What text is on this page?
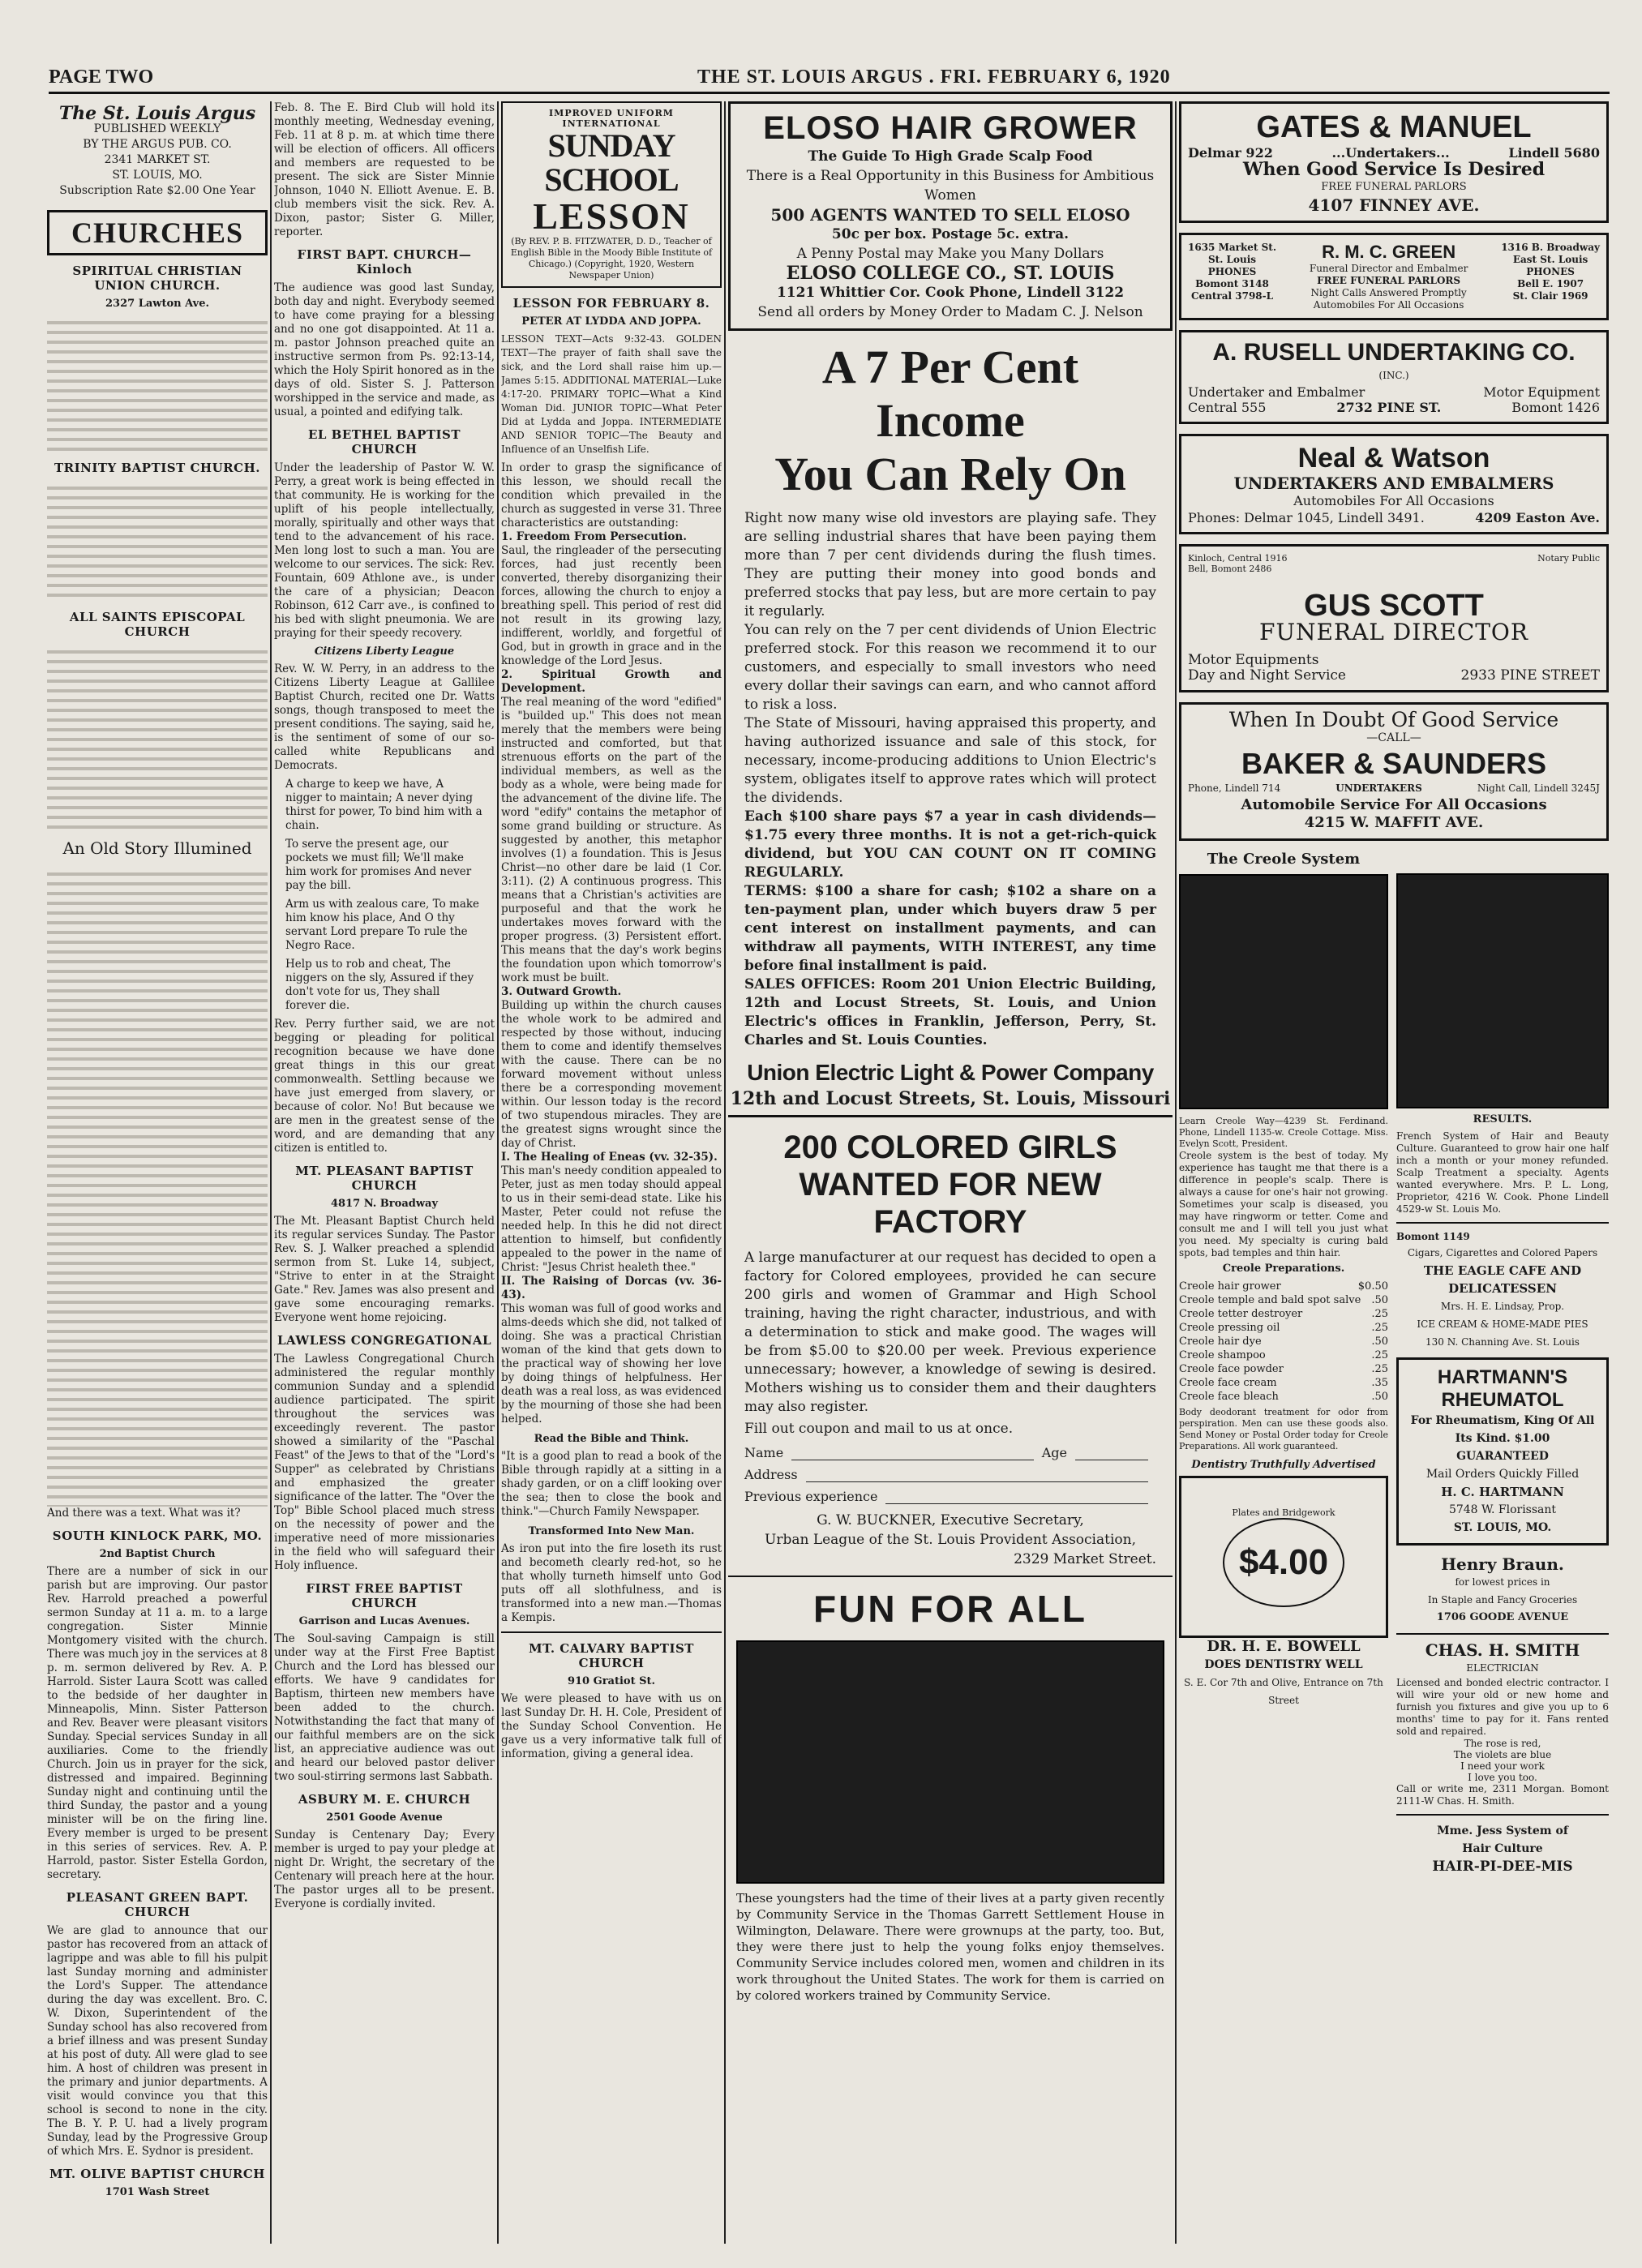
PAGE TWO	THE ST. LOUIS ARGUS . FRI. FEBRUARY 6, 1920
The St. Louis Argus
PUBLISHED WEEKLY
BY THE ARGUS PUB. CO.
2341 MARKET ST.
ST. LOUIS, MO.
Subscription Rate $2.00 One Year
CHURCHES
SPIRITUAL CHRISTIAN UNION CHURCH.
2327 Lawton Ave.
TRINITY BAPTIST CHURCH.
ALL SAINTS EPISCOPAL CHURCH
An Old Story Illumined
And there was a text. What was it?
SOUTH KINLOCK PARK, MO.
2nd Baptist Church
There are a number of sick in our parish but are improving. Our pastor Rev. Harrold preached a powerful sermon Sunday at 11 a. m. to a large congregation. Sister Minnie Montgomery visited with the church. There was much joy in the services at 8 p. m. sermon delivered by Rev. A. P. Harrold. Sister Laura Scott was called to the bedside of her daughter in Minneapolis, Minn. Sister Patterson and Rev. Beaver were pleasant visitors Sunday. Special services Sunday in all auxiliaries. Come to the friendly Church. Join us in prayer for the sick, distressed and impaired. Beginning Sunday night and continuing until the third Sunday, the pastor and a young minister will be on the firing line. Every member is urged to be present in this series of services. Rev. A. P. Harrold, pastor. Sister Estella Gordon, secretary.
PLEASANT GREEN BAPT. CHURCH
We are glad to announce that our pastor has recovered from an attack of lagrippe and was able to fill his pulpit last Sunday morning and administer the Lord's Supper. The attendance during the day was excellent. Bro. C. W. Dixon, Superintendent of the Sunday school has also recovered from a brief illness and was present Sunday at his post of duty. All were glad to see him. A host of children was present in the primary and junior departments. A visit would convince you that this school is second to none in the city. The B. Y. P. U. had a lively program Sunday, lead by the Progressive Group of which Mrs. E. Sydnor is president.
MT. OLIVE BAPTIST CHURCH
1701 Wash Street
Feb. 8. The E. Bird Club will hold its monthly meeting, Wednesday evening, Feb. 11 at 8 p. m. at which time there will be election of officers. All officers and members are requested to be present. The sick are Sister Minnie Johnson, 1040 N. Elliott Avenue. E. B. club members visit the sick. Rev. A. Dixon, pastor; Sister G. Miller, reporter.
FIRST BAPT. CHURCH—Kinloch
The audience was good last Sunday, both day and night. Everybody seemed to have come praying for a blessing and no one got disappointed. At 11 a. m. pastor Johnson preached quite an instructive sermon from Ps. 92:13-14, which the Holy Spirit honored as in the days of old. Sister S. J. Patterson worshipped in the service and made, as usual, a pointed and edifying talk.
EL BETHEL BAPTIST CHURCH
Under the leadership of Pastor W. W. Perry, a great work is being effected in that community. He is working for the uplift of his people intellectually, morally, spiritually and other ways that tend to the advancement of his race. Men long lost to such a man. You are welcome to our services. The sick: Rev. Fountain, 609 Athlone ave., is under the care of a physician; Deacon Robinson, 612 Carr ave., is confined to his bed with slight pneumonia. We are praying for their speedy recovery.
Citizens Liberty League
Rev. W. W. Perry, in an address to the Citizens Liberty League at Gallilee Baptist Church, recited one Dr. Watts songs, though transposed to meet the present conditions. The saying, said he, is the sentiment of some of our so-called white Republicans and Democrats.
A charge to keep we have, A nigger to maintain; A never dying thirst for power, To bind him with a chain.
To serve the present age, our pockets we must fill; We'll make him work for promises And never pay the bill.
Arm us with zealous care, To make him know his place, And O thy servant Lord prepare To rule the Negro Race.
Help us to rob and cheat, The niggers on the sly, Assured if they don't vote for us, They shall forever die.
Rev. Perry further said, we are not begging or pleading for political recognition because we have done great things in this our great commonwealth. Settling because we have just emerged from slavery, or because of color. No! But because we are men in the greatest sense of the word, and are demanding that any citizen is entitled to.
MT. PLEASANT BAPTIST CHURCH
4817 N. Broadway
The Mt. Pleasant Baptist Church held its regular services Sunday. The Pastor Rev. S. J. Walker preached a splendid sermon from St. Luke 14, subject, "Strive to enter in at the Straight Gate." Rev. James was also present and gave some encouraging remarks. Everyone went home rejoicing.
LAWLESS CONGREGATIONAL
The Lawless Congregational Church administered the regular monthly communion Sunday and a splendid audience participated. The spirit throughout the services was exceedingly reverent. The pastor showed a similarity of the "Paschal Feast" of the Jews to that of the "Lord's Supper" as celebrated by Christians and emphasized the greater significance of the latter. The "Over the Top" Bible School placed much stress on the necessity of power and the imperative need of more missionaries in the field who will safeguard their Holy influence.
FIRST FREE BAPTIST CHURCH
Garrison and Lucas Avenues.
The Soul-saving Campaign is still under way at the First Free Baptist Church and the Lord has blessed our efforts. We have 9 candidates for Baptism, thirteen new members have been added to the church. Notwithstanding the fact that many of our faithful members are on the sick list, an appreciative audience was out and heard our beloved pastor deliver two soul-stirring sermons last Sabbath.
ASBURY M. E. CHURCH
2501 Goode Avenue
Sunday is Centenary Day; Every member is urged to pay your pledge at night Dr. Wright, the secretary of the Centenary will preach here at the hour. The pastor urges all to be present. Everyone is cordially invited.
IMPROVED UNIFORM INTERNATIONAL
SUNDAY SCHOOL
LESSON
(By REV. P. B. FITZWATER, D. D., Teacher of English Bible in the Moody Bible Institute of Chicago.) (Copyright, 1920, Western Newspaper Union)
LESSON FOR FEBRUARY 8.
PETER AT LYDDA AND JOPPA.
LESSON TEXT—Acts 9:32-43. GOLDEN TEXT—The prayer of faith shall save the sick, and the Lord shall raise him up.—James 5:15. ADDITIONAL MATERIAL—Luke 4:17-20. PRIMARY TOPIC—What a Kind Woman Did. JUNIOR TOPIC—What Peter Did at Lydda and Joppa. INTERMEDIATE AND SENIOR TOPIC—The Beauty and Influence of an Unselfish Life.
In order to grasp the significance of this lesson, we should recall the condition which prevailed in the church as suggested in verse 31. Three characteristics are outstanding:
1. Freedom From Persecution.
Saul, the ringleader of the persecuting forces, had just recently been converted, thereby disorganizing their forces, allowing the church to enjoy a breathing spell. This period of rest did not result in its growing lazy, indifferent, worldly, and forgetful of God, but in growth in grace and in the knowledge of the Lord Jesus.
2. Spiritual Growth and Development.
The real meaning of the word "edified" is "builded up." This does not mean merely that the members were being instructed and comforted, but that strenuous efforts on the part of the individual members, as well as the body as a whole, were being made for the advancement of the divine life. The word "edify" contains the metaphor of some grand building or structure. As suggested by another, this metaphor involves (1) a foundation. This is Jesus Christ—no other dare be laid (1 Cor. 3:11). (2) A continuous progress. This means that a Christian's activities are purposeful and that the work he undertakes moves forward with the proper progress. (3) Persistent effort. This means that the day's work begins the foundation upon which tomorrow's work must be built.
3. Outward Growth.
Building up within the church causes the whole work to be admired and respected by those without, inducing them to come and identify themselves with the cause. There can be no forward movement without unless there be a corresponding movement within. Our lesson today is the record of two stupendous miracles. They are the greatest signs wrought since the day of Christ.
I. The Healing of Eneas (vv. 32-35).
This man's needy condition appealed to Peter, just as men today should appeal to us in their semi-dead state. Like his Master, Peter could not refuse the needed help. In this he did not direct attention to himself, but confidently appealed to the power in the name of Christ: "Jesus Christ healeth thee."
II. The Raising of Dorcas (vv. 36-43).
This woman was full of good works and alms-deeds which she did, not talked of doing. She was a practical Christian woman of the kind that gets down to the practical way of showing her love by doing things of helpfulness. Her death was a real loss, as was evidenced by the mourning of those she had been helped.
Read the Bible and Think.
"It is a good plan to read a book of the Bible through rapidly at a sitting in a shady garden, or on a cliff looking over the sea; then to close the book and think."—Church Family Newspaper.
Transformed Into New Man.
As iron put into the fire loseth its rust and becometh clearly red-hot, so he that wholly turneth himself unto God puts off all slothfulness, and is transformed into a new man.—Thomas a Kempis.
MT. CALVARY BAPTIST CHURCH
910 Gratiot St.
We were pleased to have with us on last Sunday Dr. H. H. Cole, President of the Sunday School Convention. He gave us a very informative talk full of information, giving a general idea.
ELOSO HAIR GROWER
The Guide To High Grade Scalp Food
There is a Real Opportunity in this Business for Ambitious Women
500 AGENTS WANTED TO SELL ELOSO
50c per box. Postage 5c. extra.
A Penny Postal may Make you Many Dollars
ELOSO COLLEGE CO., ST. LOUIS
1121 Whittier Cor. Cook Phone, Lindell 3122
Send all orders by Money Order to Madam C. J. Nelson
A 7 Per Cent Income
You Can Rely On
Right now many wise old investors are playing safe. They are selling industrial shares that have been paying them more than 7 per cent dividends during the flush times. They are putting their money into good bonds and preferred stocks that pay less, but are more certain to pay it regularly.
You can rely on the 7 per cent dividends of Union Electric preferred stock. For this reason we recommend it to our customers, and especially to small investors who need every dollar their savings can earn, and who cannot afford to risk a loss.
The State of Missouri, having appraised this property, and having authorized issuance and sale of this stock, for necessary, income-producing additions to Union Electric's system, obligates itself to approve rates which will protect the dividends.
Each $100 share pays $7 a year in cash dividends—$1.75 every three months. It is not a get-rich-quick dividend, but YOU CAN COUNT ON IT COMING REGULARLY.
TERMS: $100 a share for cash; $102 a share on a ten-payment plan, under which buyers draw 5 per cent interest on installment payments, and can withdraw all payments, WITH INTEREST, any time before final installment is paid.
SALES OFFICES: Room 201 Union Electric Building, 12th and Locust Streets, St. Louis, and Union Electric's offices in Franklin, Jefferson, Perry, St. Charles and St. Louis Counties.
Union Electric Light & Power Company
12th and Locust Streets, St. Louis, Missouri
200 COLORED GIRLS
WANTED FOR NEW FACTORY
A large manufacturer at our request has decided to open a factory for Colored employees, provided he can secure 200 girls and women of Grammar and High School training, having the right character, industrious, and with a determination to stick and make good. The wages will be from $5.00 to $20.00 per week. Previous experience unnecessary; however, a knowledge of sewing is desired. Mothers wishing us to consider them and their daughters may also register.
Fill out coupon and mail to us at once.
Name	Age
Address
Previous experience
G. W. BUCKNER, Executive Secretary,
Urban League of the St. Louis Provident Association,
2329 Market Street.
FUN FOR ALL
These youngsters had the time of their lives at a party given recently by Community Service in the Thomas Garrett Settlement House in Wilmington, Delaware. There were grownups at the party, too. But, they were there just to help the young folks enjoy themselves. Community Service includes colored men, women and children in its work throughout the United States. The work for them is carried on by colored workers trained by Community Service.
GATES & MANUEL
Delmar 922	...Undertakers...	Lindell 5680
When Good Service Is Desired
FREE FUNERAL PARLORS
4107 FINNEY AVE.
1635 Market St.
St. Louis
PHONES
Bomont 3148
Central 3798-L
R. M. C. GREEN
Funeral Director and Embalmer
FREE FUNERAL PARLORS
Night Calls Answered Promptly
Automobiles For All Occasions
1316 B. Broadway
East St. Louis
PHONES
Bell E. 1907
St. Clair 1969
A. RUSELL UNDERTAKING CO.
(INC.)
Undertaker and Embalmer	Motor Equipment
Central 555	2732 PINE ST.	Bomont 1426
Neal & Watson
UNDERTAKERS AND EMBALMERS
Automobiles For All Occasions
Phones: Delmar 1045, Lindell 3491.	4209 Easton Ave.
Kinloch, Central 1916
Bell, Bomont 2486
Notary Public
GUS SCOTT
FUNERAL DIRECTOR
Motor Equipments
Day and Night Service	2933 PINE STREET
When In Doubt Of Good Service
—CALL—
BAKER & SAUNDERS
Phone, Lindell 714	UNDERTAKERS	Night Call, Lindell 3245J
Automobile Service For All Occasions
4215 W. MAFFIT AVE.
The Creole System
Learn Creole Way—4239 St. Ferdinand. Phone, Lindell 1135-w. Creole Cottage. Miss. Evelyn Scott, President.
Creole system is the best of today. My experience has taught me that there is a difference in people's scalp. There is always a cause for one's hair not growing. Sometimes your scalp is diseased, you may have ringworm or tetter. Come and consult me and I will tell you just what you need. My specialty is curing bald spots, bad temples and thin hair.
Creole Preparations.
Creole hair grower	$0.50
Creole temple and bald spot salve .50
Creole tetter destroyer	.25
Creole pressing oil	.25
Creole hair dye	.50
Creole shampoo	.25
Creole face powder	.25
Creole face cream	.35
Creole face bleach	.50
Body deodorant treatment for odor from perspiration. Men can use these goods also. Send Money or Postal Order today for Creole Preparations. All work guaranteed.
Dentistry Truthfully Advertised
Plates and Bridgework
$4.00
DR. H. E. BOWELL
DOES DENTISTRY WELL
S. E. Cor 7th and Olive, Entrance on 7th Street
RESULTS.
French System of Hair and Beauty Culture. Guaranteed to grow hair one half inch a month or your money refunded. Scalp Treatment a specialty. Agents wanted everywhere. Mrs. P. L. Long, Proprietor, 4216 W. Cook. Phone Lindell 4529-w St. Louis Mo.
Bomont 1149
Cigars, Cigarettes and Colored Papers
THE EAGLE CAFE AND DELICATESSEN
Mrs. H. E. Lindsay, Prop.
ICE CREAM & HOME-MADE PIES
130 N. Channing Ave. St. Louis
HARTMANN'S
RHEUMATOL
For Rheumatism, King Of All Its Kind. $1.00
GUARANTEED
Mail Orders Quickly Filled
H. C. HARTMANN
5748 W. Florissant
ST. LOUIS, MO.
Henry Braun.
for lowest prices in
In Staple and Fancy Groceries
1706 GOODE AVENUE
CHAS. H. SMITH
ELECTRICIAN
Licensed and bonded electric contractor. I will wire your old or new home and furnish you fixtures and give you up to 6 months' time to pay for it. Fans rented sold and repaired.
The rose is red,
The violets are blue
I need your work
I love you too.
Call or write me, 2311 Morgan. Bomont 2111-W Chas. H. Smith.
Mme. Jess System of
Hair Culture
HAIR-PI-DEE-MIS
